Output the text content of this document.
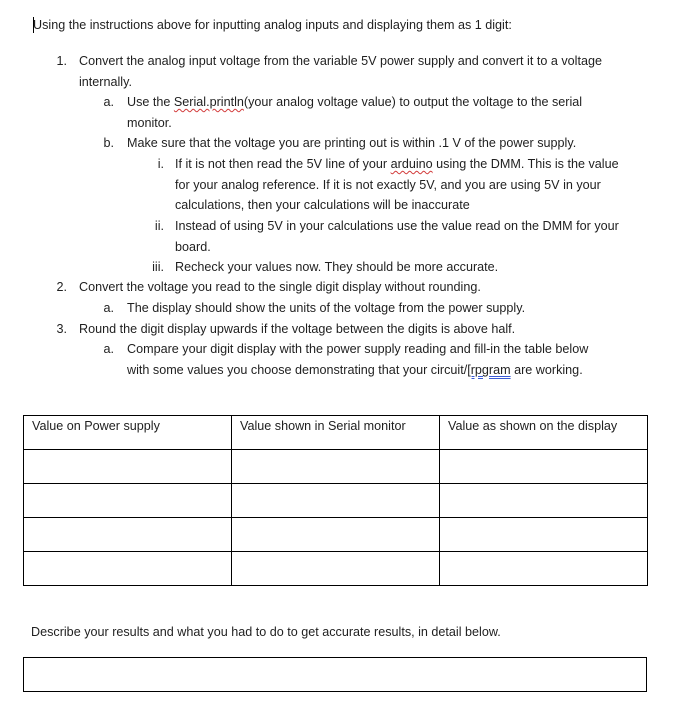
Using the instructions above for inputting analog inputs and displaying them as 1 digit:
1. Convert the analog input voltage from the variable 5V power supply and convert it to a voltage
internally.
a. Use the Serial.println(your analog voltage value) to output the voltage to the serial
monitor.
b. Make sure that the voltage you are printing out is within .1 V of the power supply.
i. If it is not then read the 5V line of your arduino using the DMM. This is the value
for your analog reference. If it is not exactly 5V, and you are using 5V in your
calculations, then your calculations will be inaccurate
ii. Instead of using 5V in your calculations use the value read on the DMM for your
board.
iii. Recheck your values now. They should be more accurate.
2. Convert the voltage you read to the single digit display without rounding.
a. The display should show the units of the voltage from the power supply.
3. Round the digit display upwards if the voltage between the digits is above half.
a. Compare your digit display with the power supply reading and fill-in the table below
with some values you choose demonstrating that your circuit/[rpgram are working.
Value on Power supply	Value shown in Serial monitor	Value as shown on the display

Describe your results and what you had to do to get accurate results, in detail below.
